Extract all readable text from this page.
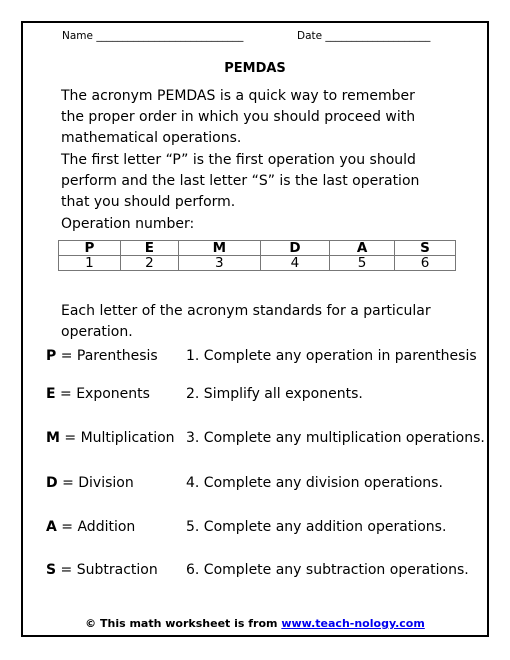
Name ____________________________	Date ____________________
PEMDAS
The acronym PEMDAS is a quick way to remember the proper order in which you should proceed with mathematical operations.
The first letter “P” is the first operation you should perform and the last letter “S” is the last operation that you should perform.
Operation number:
P	E	M	D	A	S
1	2	3	4	5	6
Each letter of the acronym standards for a particular operation.
P = Parenthesis 1. Complete any operation in parenthesis
E = Exponents	2. Simplify all exponents.
M = Multiplication 3. Complete any multiplication operations.
D = Division	4. Complete any division operations.
A = Addition	5. Complete any addition operations.
S = Subtraction 6. Complete any subtraction operations.
© This math worksheet is from www.teach-nology.com
